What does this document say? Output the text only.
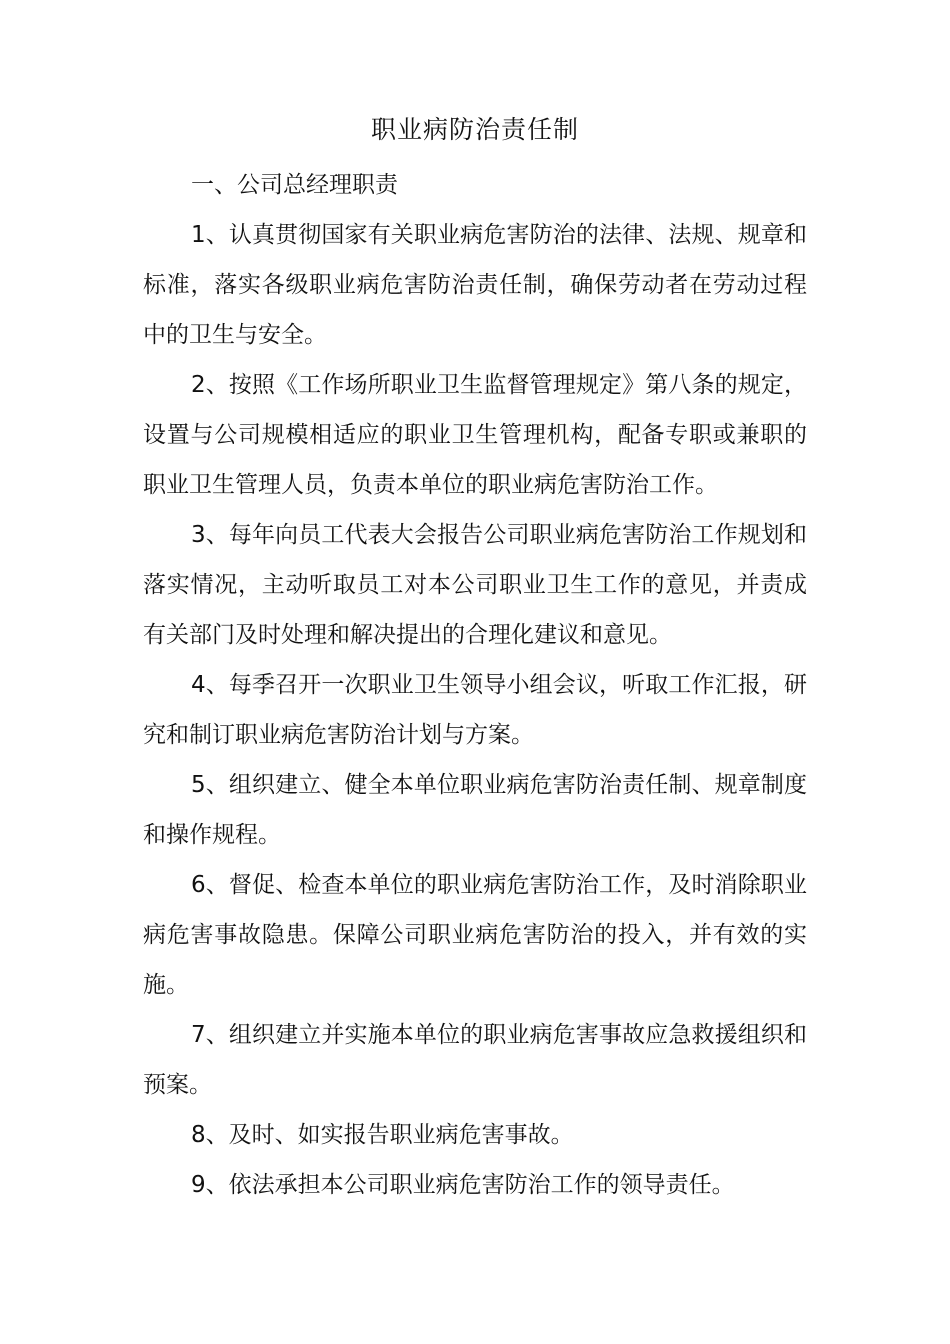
职业病防治责任制

一、公司总经理职责

1、认真贯彻国家有关职业病危害防治的法律、法规、规章和标准，落实各级职业病危害防治责任制，确保劳动者在劳动过程中的卫生与安全。

2、按照《工作场所职业卫生监督管理规定》第八条的规定，设置与公司规模相适应的职业卫生管理机构，配备专职或兼职的职业卫生管理人员，负责本单位的职业病危害防治工作。

3、每年向员工代表大会报告公司职业病危害防治工作规划和落实情况，主动听取员工对本公司职业卫生工作的意见，并责成有关部门及时处理和解决提出的合理化建议和意见。

4、每季召开一次职业卫生领导小组会议，听取工作汇报，研究和制订职业病危害防治计划与方案。

5、组织建立、健全本单位职业病危害防治责任制、规章制度和操作规程。

6、督促、检查本单位的职业病危害防治工作，及时消除职业病危害事故隐患。保障公司职业病危害防治的投入，并有效的实施。

7、组织建立并实施本单位的职业病危害事故应急救援组织和预案。

8、及时、如实报告职业病危害事故。

9、依法承担本公司职业病危害防治工作的领导责任。
